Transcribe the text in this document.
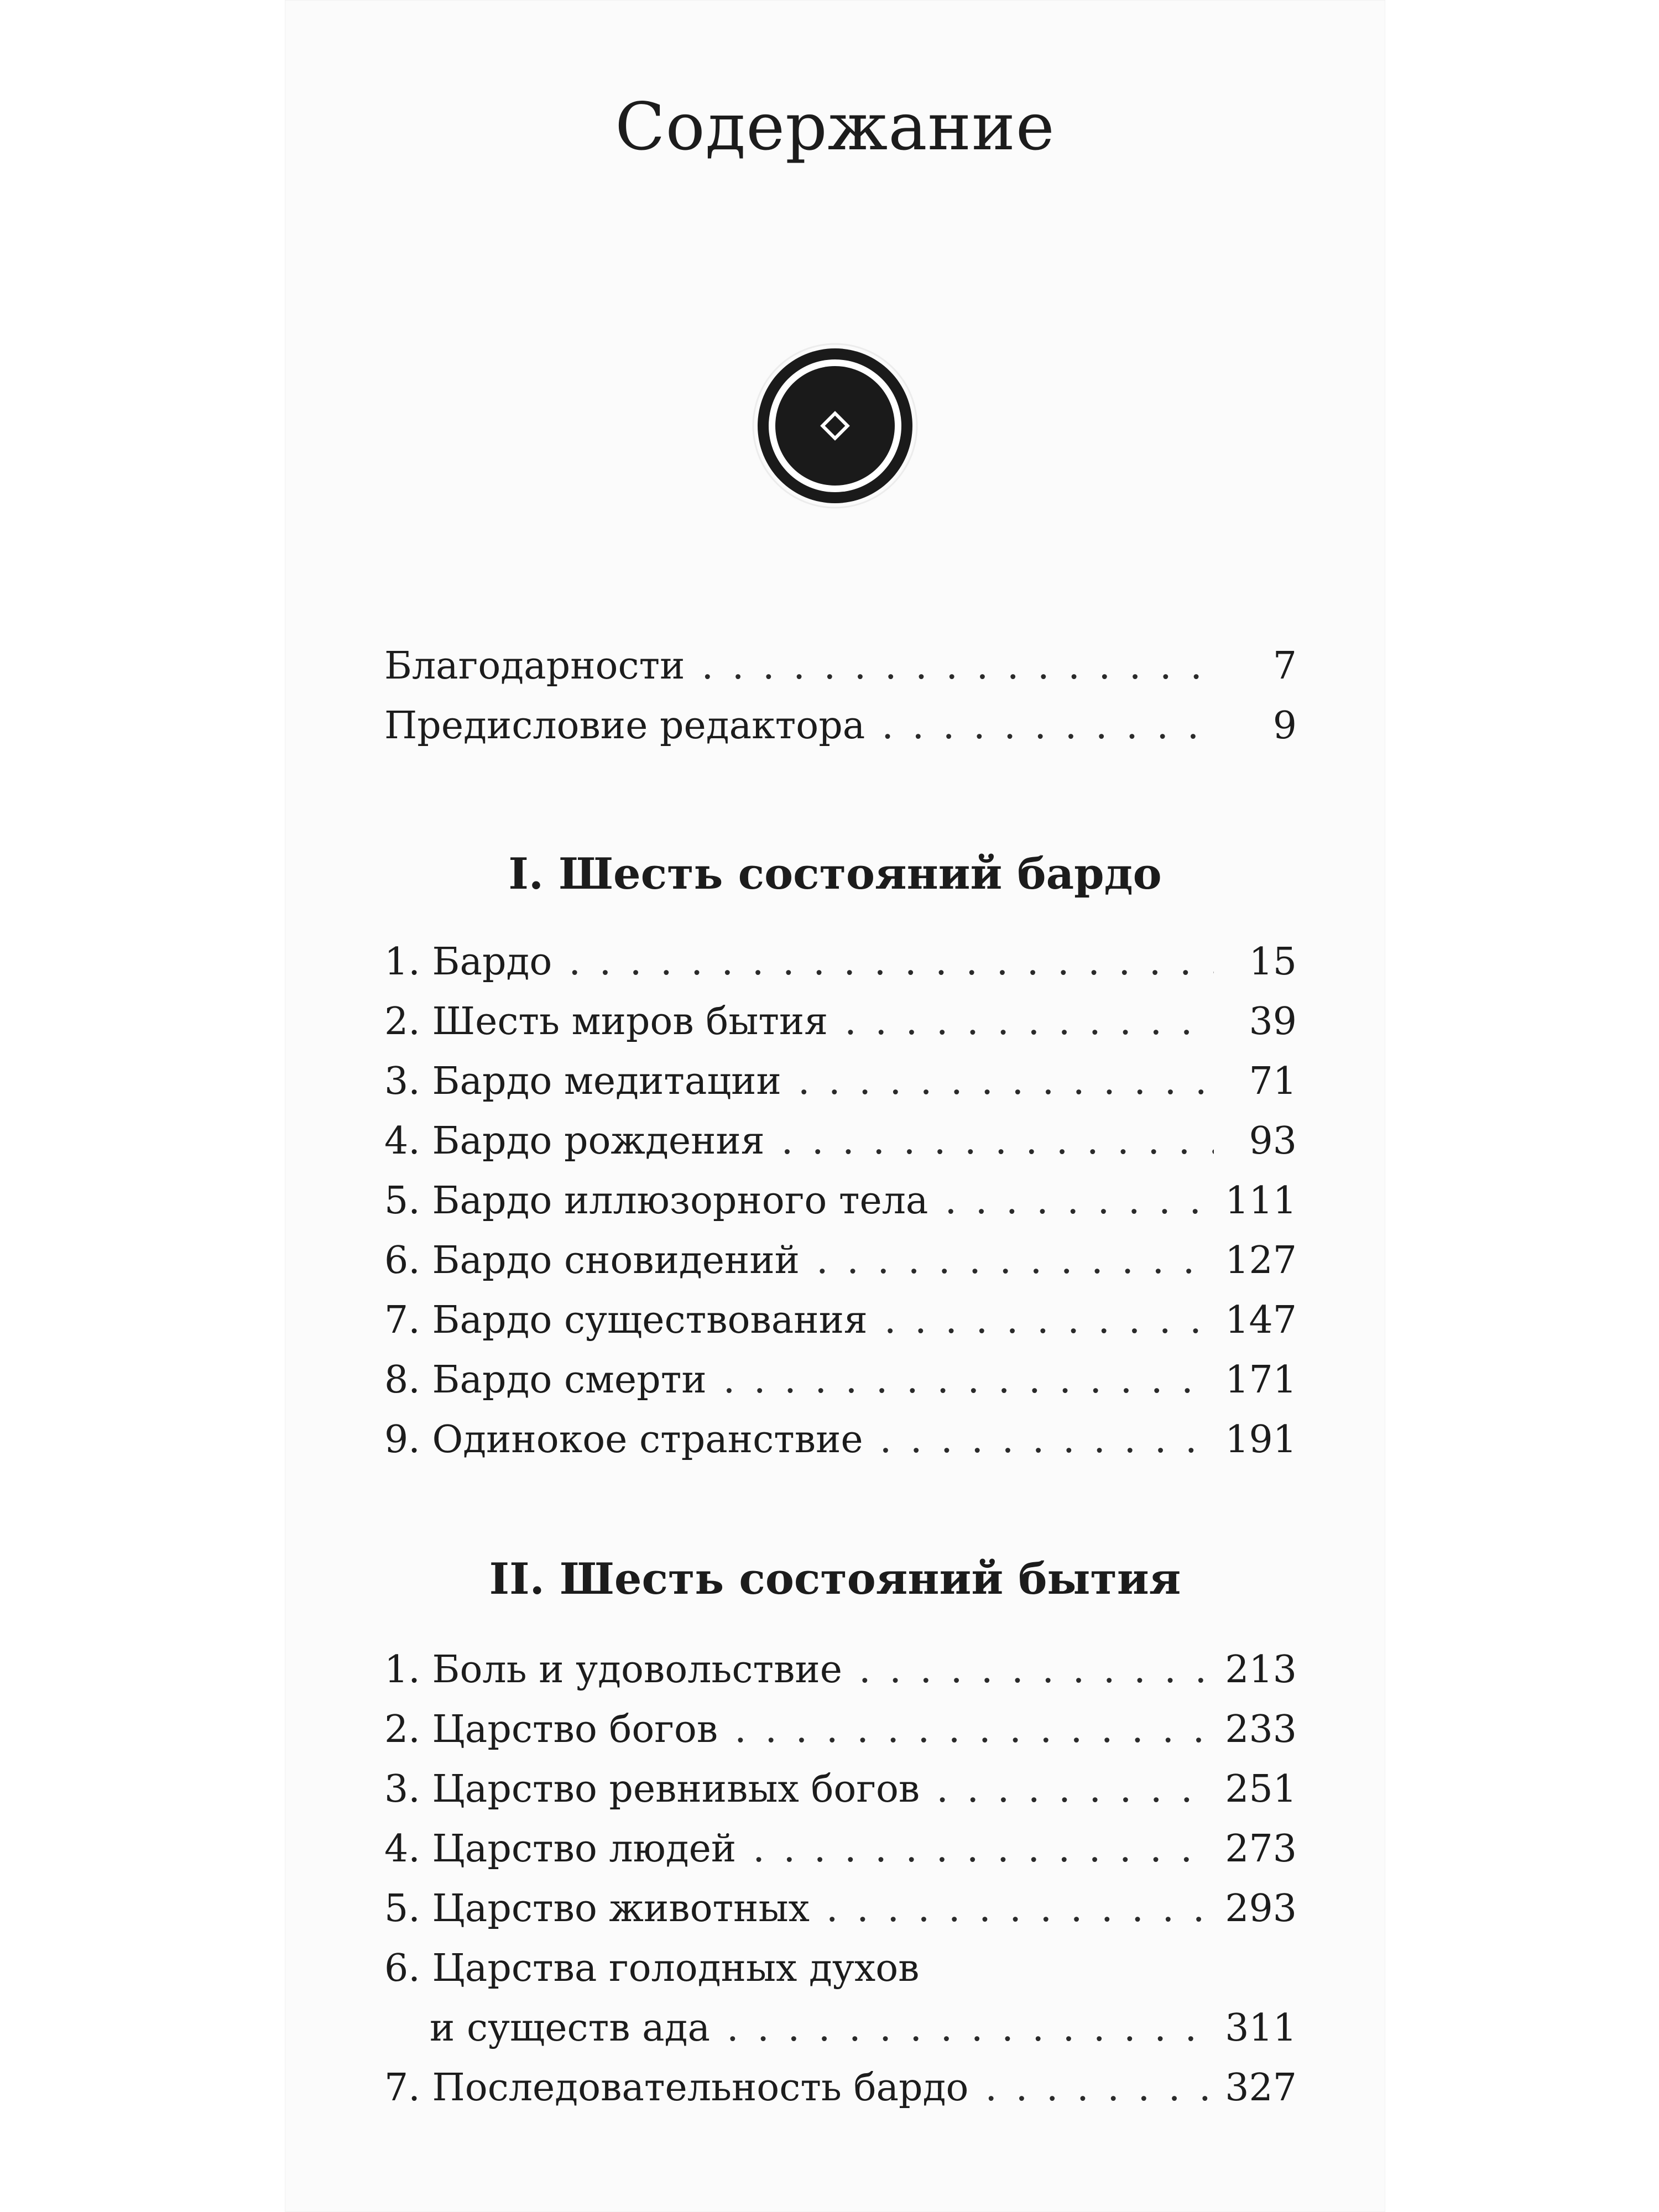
Содержание
Благодарности . . .	7
Предисловие редактора . . .	9
I. Шесть состояний бардо
1. Бардо . . .	15
2. Шесть миров бытия . . .	39
3. Бардо медитации . . .	71
4. Бардо рождения . . .	93
5. Бардо иллюзорного тела . . .	111
6. Бардо сновидений . . .	127
7. Бардо существования . . .	147
8. Бардо смерти . . .	171
9. Одинокое странствие . . .	191
II. Шесть состояний бытия
1. Боль и удовольствие . . .	213
2. Царство богов . . .	233
3. Царство ревнивых богов . . .	251
4. Царство людей . . .	273
5. Царство животных . . .	293
6. Царства голодных духов
и существ ада . . .	311
7. Последовательность бардо . . .	327
